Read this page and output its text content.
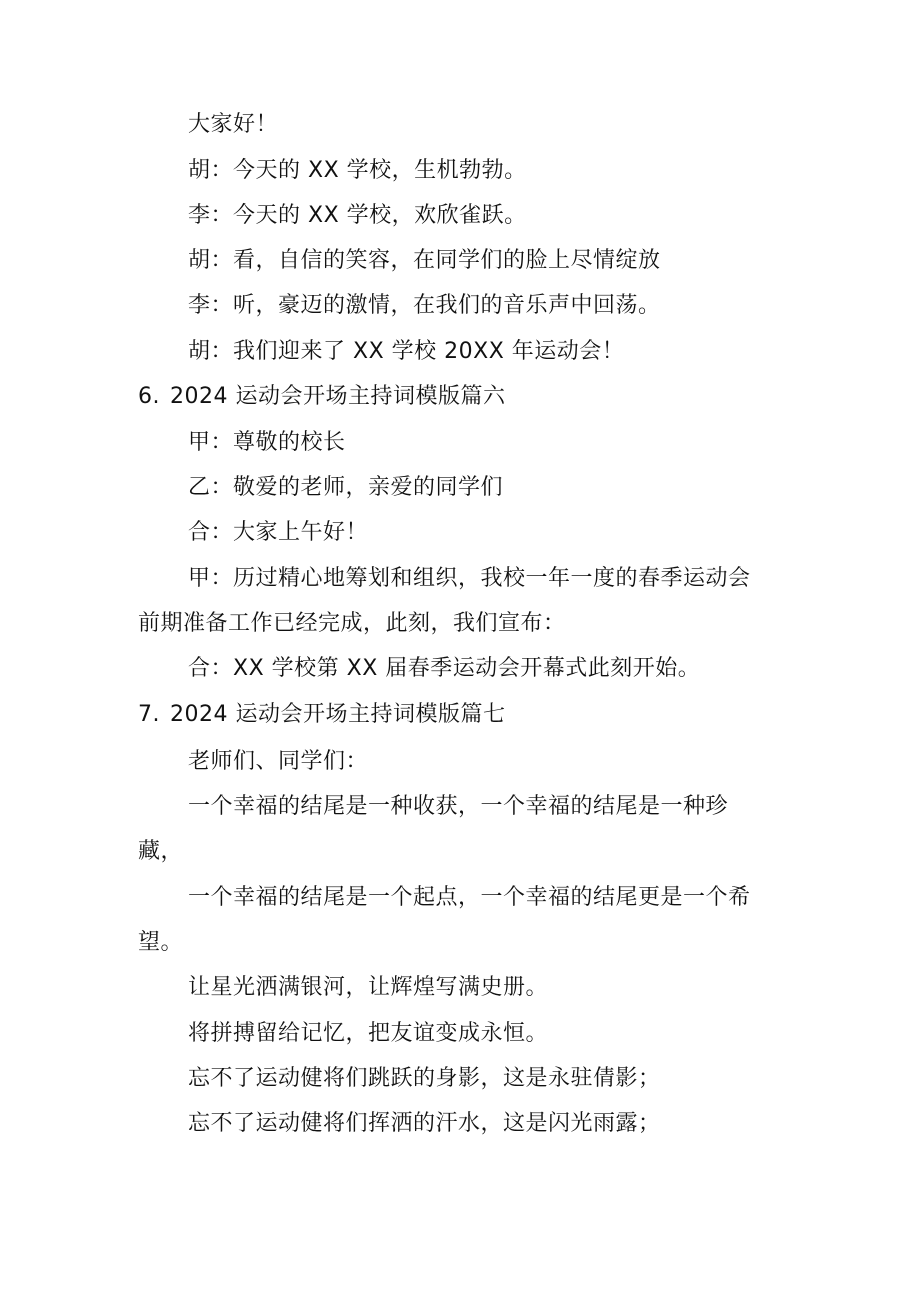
大家好！
胡：今天的 XX 学校，生机勃勃。
李：今天的 XX 学校，欢欣雀跃。
胡：看，自信的笑容，在同学们的脸上尽情绽放
李：听，豪迈的激情，在我们的音乐声中回荡。
胡：我们迎来了 XX 学校 20XX 年运动会！
6. 2024 运动会开场主持词模版篇六
甲：尊敬的校长
乙：敬爱的老师，亲爱的同学们
合：大家上午好！
甲：历过精心地筹划和组织，我校一年一度的春季运动会
前期准备工作已经完成，此刻，我们宣布：
合：XX 学校第 XX 届春季运动会开幕式此刻开始。
7. 2024 运动会开场主持词模版篇七
老师们、同学们：
一个幸福的结尾是一种收获，一个幸福的结尾是一种珍
藏，
一个幸福的结尾是一个起点，一个幸福的结尾更是一个希
望。
让星光洒满银河，让辉煌写满史册。
将拼搏留给记忆，把友谊变成永恒。
忘不了运动健将们跳跃的身影，这是永驻倩影；
忘不了运动健将们挥洒的汗水，这是闪光雨露；
